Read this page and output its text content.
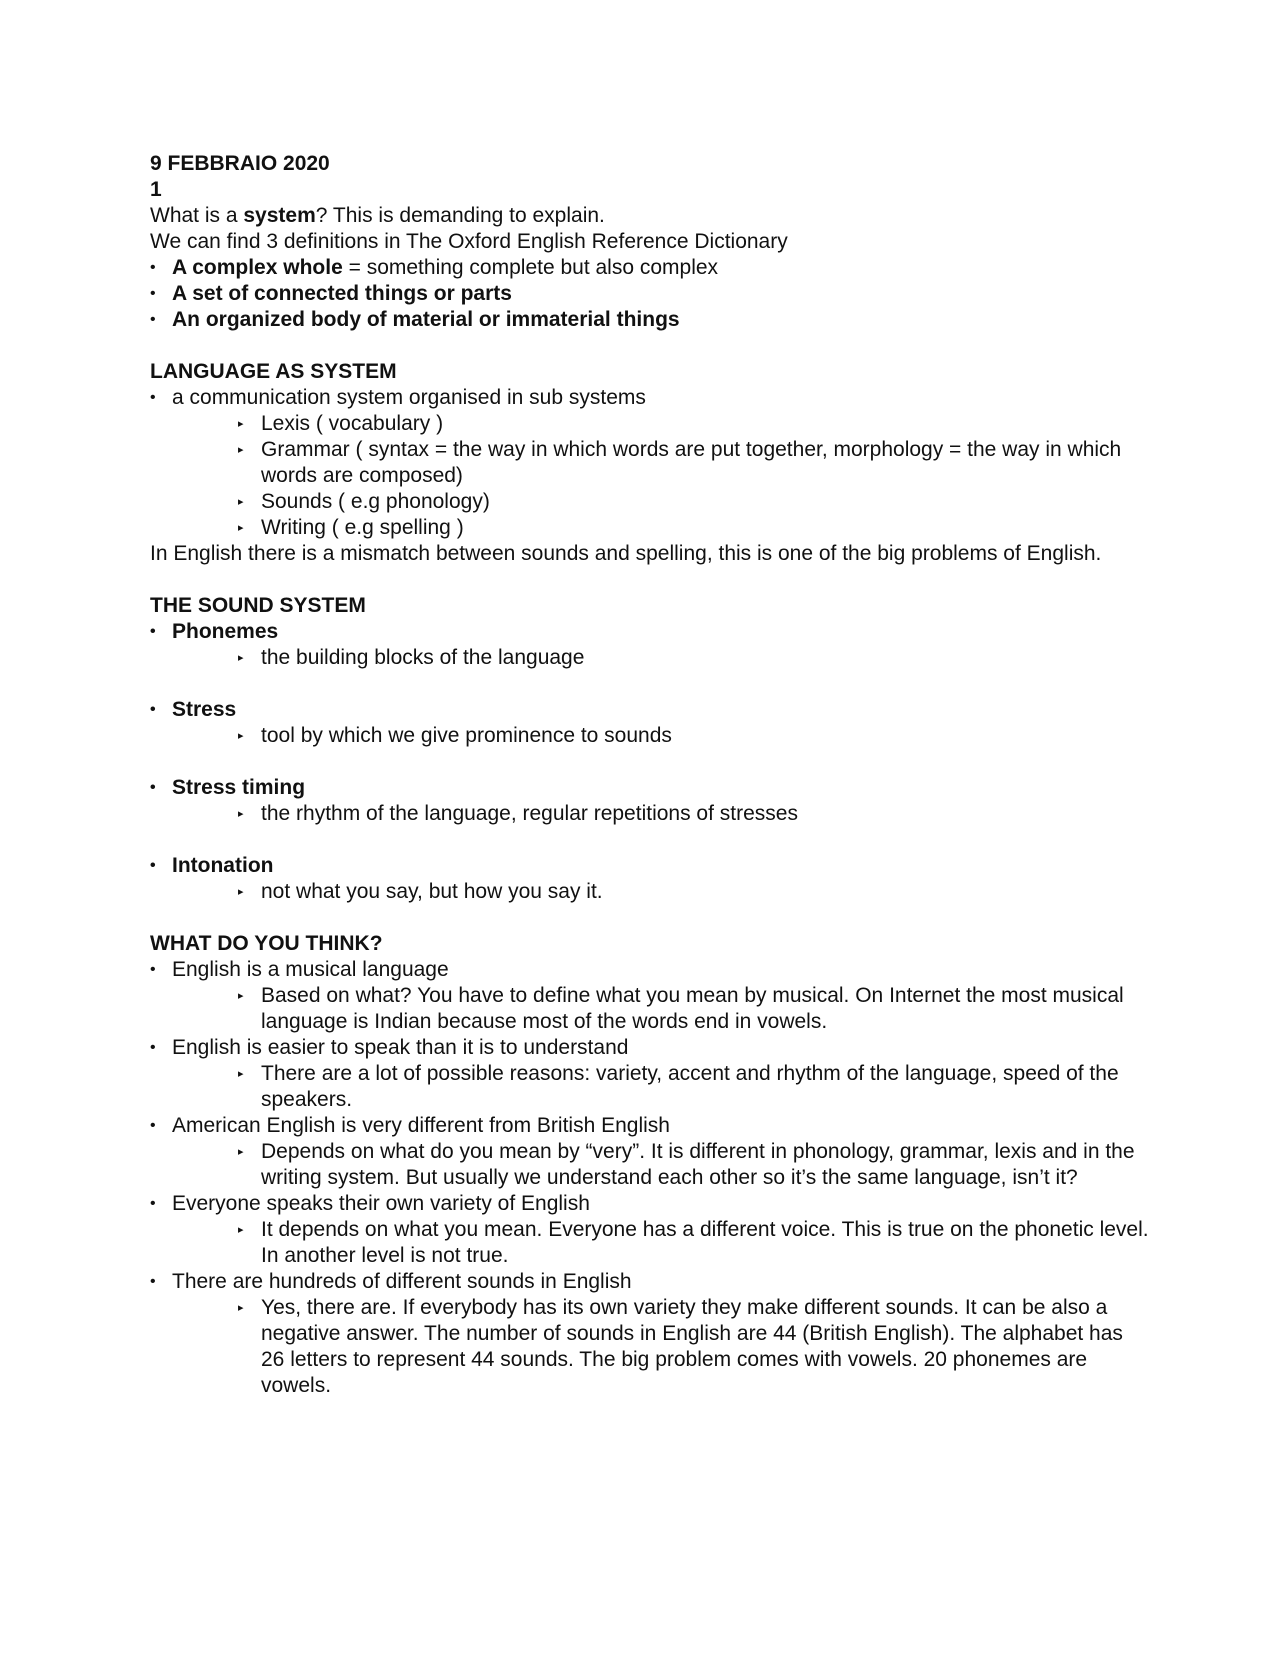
9 FEBBRAIO 2020

1

What is a system? This is demanding to explain.

We can find 3 definitions in The Oxford English Reference Dictionary

• A complex whole = something complete but also complex

• A set of connected things or parts

• An organized body of material or immaterial things

LANGUAGE AS SYSTEM

• a communication system organised in sub systems

▸ Lexis ( vocabulary )

▸ Grammar ( syntax = the way in which words are put together, morphology = the way in which words are composed)

▸ Sounds ( e.g phonology)

▸ Writing ( e.g spelling )

In English there is a mismatch between sounds and spelling, this is one of the big problems of English.

THE SOUND SYSTEM

• Phonemes

▸ the building blocks of the language

• Stress

▸ tool by which we give prominence to sounds

• Stress timing

▸ the rhythm of the language, regular repetitions of stresses

• Intonation

▸ not what you say, but how you say it.

WHAT DO YOU THINK?

• English is a musical language

▸ Based on what? You have to define what you mean by musical. On Internet the most musical language is Indian because most of the words end in vowels.

• English is easier to speak than it is to understand

▸ There are a lot of possible reasons: variety, accent and rhythm of the language, speed of the speakers.

• American English is very different from British English

▸ Depends on what do you mean by “very”. It is different in phonology, grammar, lexis and in the writing system. But usually we understand each other so it’s the same language, isn’t it?

• Everyone speaks their own variety of English

▸ It depends on what you mean. Everyone has a different voice. This is true on the phonetic level. In another level is not true.

• There are hundreds of different sounds in English

▸ Yes, there are. If everybody has its own variety they make different sounds. It can be also a negative answer. The number of sounds in English are 44 (British English). The alphabet has 26 letters to represent 44 sounds. The big problem comes with vowels. 20 phonemes are vowels.
